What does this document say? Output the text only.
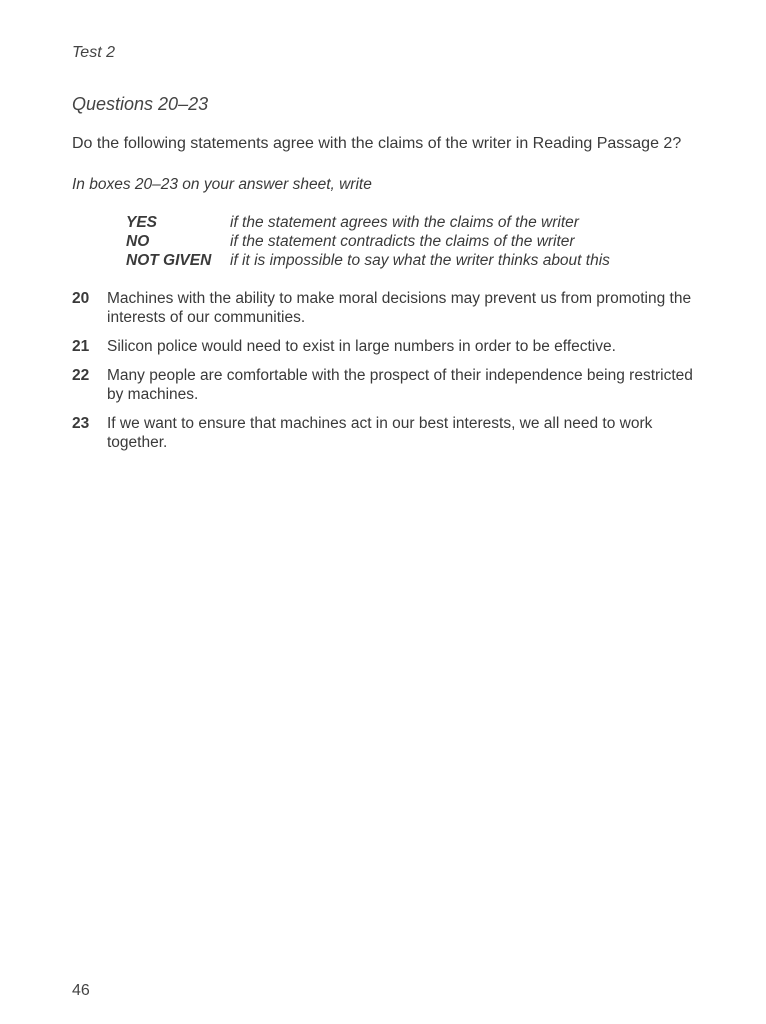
Test 2
Questions 20–23
Do the following statements agree with the claims of the writer in Reading Passage 2?
In boxes 20–23 on your answer sheet, write
YES	if the statement agrees with the claims of the writer
NO	if the statement contradicts the claims of the writer
NOT GIVEN	if it is impossible to say what the writer thinks about this
20	Machines with the ability to make moral decisions may prevent us from promoting the interests of our communities.
21	Silicon police would need to exist in large numbers in order to be effective.
22	Many people are comfortable with the prospect of their independence being restricted by machines.
23	If we want to ensure that machines act in our best interests, we all need to work together.
46
